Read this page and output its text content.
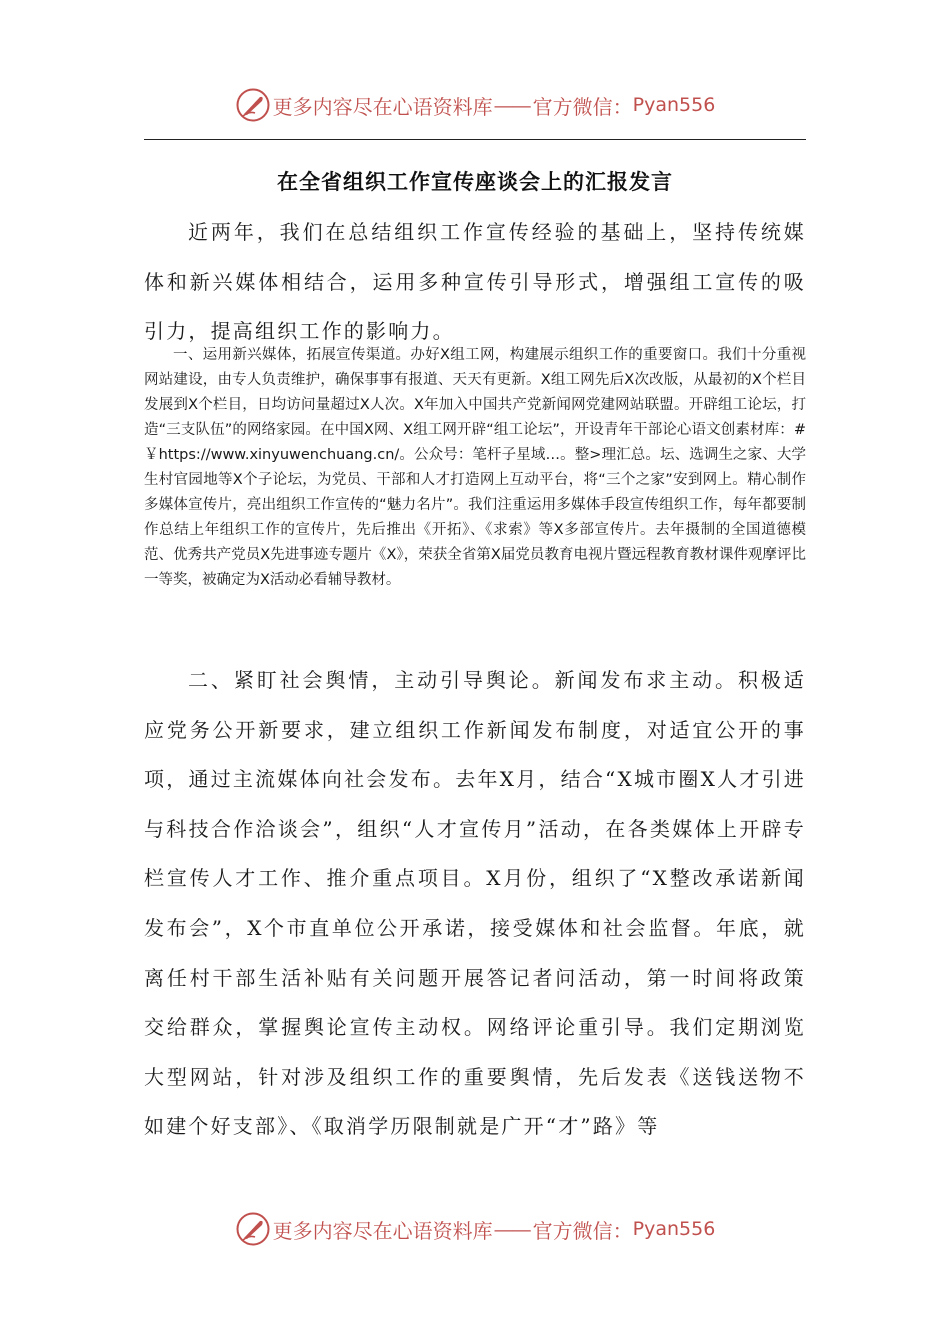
更多内容尽在心语资料库 —— 官方微信： Pyan556
在全省组织工作宣传座谈会上的汇报发言

近两年，我们在总结组织工作宣传经验的基础上，坚持传统媒体和新兴媒体相结合，运用多种宣传引导形式，增强组工宣传的吸引力，提高组织工作的影响力。

一、运用新兴媒体，拓展宣传渠道。办好X组工网，构建展示组织工作的重要窗口。我们十分重视网站建设，由专人负责维护，确保事事有报道、天天有更新。X组工网先后X次改版，从最初的X个栏目发展到X个栏目，日均访问量超过X人次。X年加入中国共产党新闻网党建网站联盟。开辟组工论坛，打造“三支队伍”的网络家园。在中国X网、X组工网开辟“组工论坛”，开设青年干部论心语文创素材库：#￥https://www.xinyuwenchuang.cn/。公众号：笔杆子星域…。整>理汇总。坛、选调生之家、大学生村官园地等X个子论坛，为党员、干部和人才打造网上互动平台，将“三个之家”安到网上。精心制作多媒体宣传片，亮出组织工作宣传的“魅力名片”。我们注重运用多媒体手段宣传组织工作，每年都要制作总结上年组织工作的宣传片，先后推出《开拓》、《求索》等X多部宣传片。去年摄制的全国道德模范、优秀共产党员X先进事迹专题片《X》，荣获全省第X届党员教育电视片暨远程教育教材课件观摩评比一等奖，被确定为X活动必看辅导教材。

二、紧盯社会舆情，主动引导舆论。新闻发布求主动。积极适应党务公开新要求，建立组织工作新闻发布制度，对适宜公开的事项，通过主流媒体向社会发布。去年X月，结合“X城市圈X人才引进与科技合作洽谈会”，组织“人才宣传月”活动，在各类媒体上开辟专栏宣传人才工作、推介重点项目。X月份，组织了“X整改承诺新闻发布会”，X个市直单位公开承诺，接受媒体和社会监督。年底，就离任村干部生活补贴有关问题开展答记者问活动，第一时间将政策交给群众，掌握舆论宣传主动权。网络评论重引导。我们定期浏览大型网站，针对涉及组织工作的重要舆情，先后发表《送钱送物不如建个好支部》、《取消学历限制就是广开“才”路》等

更多内容尽在心语资料库 —— 官方微信： Pyan556
